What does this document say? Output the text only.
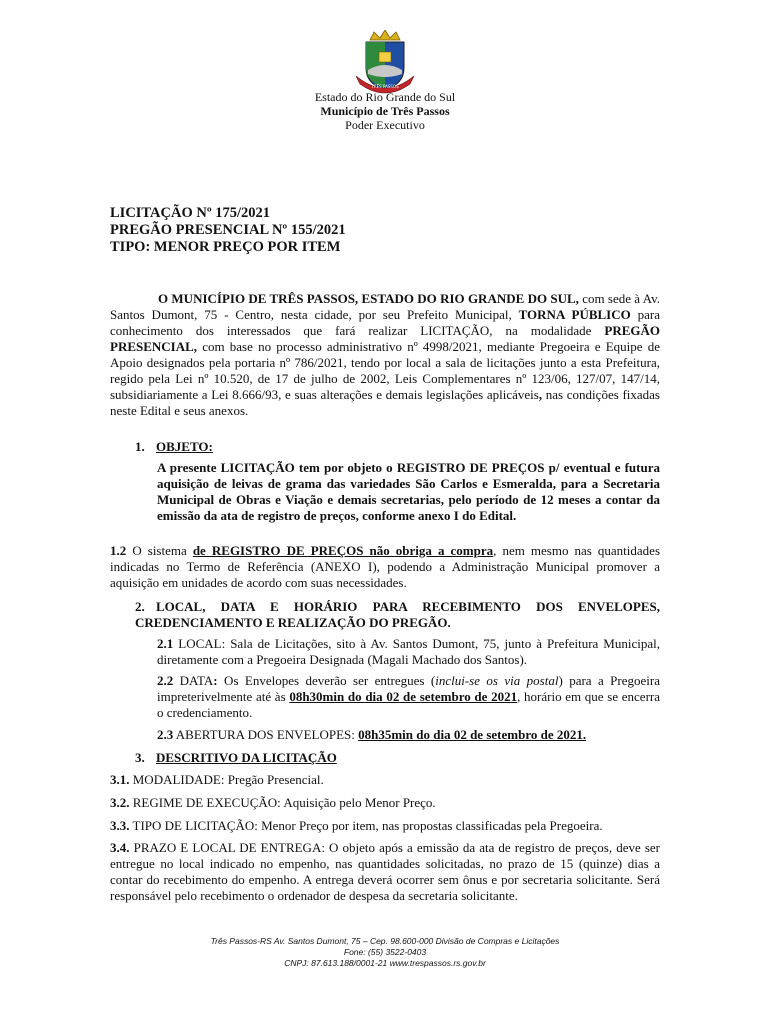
TRÊS PASSOS
Estado do Rio Grande do Sul
Município de Três Passos
Poder Executivo
LICITAÇÃO Nº 175/2021
PREGÃO PRESENCIAL Nº 155/2021
TIPO: MENOR PREÇO POR ITEM
O MUNICÍPIO DE TRÊS PASSOS, ESTADO DO RIO GRANDE DO SUL, com sede à Av. Santos Dumont, 75 - Centro, nesta cidade, por seu Prefeito Municipal, TORNA PÚBLICO para conhecimento dos interessados que fará realizar LICITAÇÃO, na modalidade PREGÃO PRESENCIAL, com base no processo administrativo nº 4998/2021, mediante Pregoeira e Equipe de Apoio designados pela portaria nº 786/2021, tendo por local a sala de licitações junto a esta Prefeitura, regido pela Lei nº 10.520, de 17 de julho de 2002, Leis Complementares nº 123/06, 127/07, 147/14, subsidiariamente a Lei 8.666/93, e suas alterações e demais legislações aplicáveis, nas condições fixadas neste Edital e seus anexos.
1. OBJETO:
A presente LICITAÇÃO tem por objeto o REGISTRO DE PREÇOS p/ eventual e futura aquisição de leivas de grama das variedades São Carlos e Esmeralda, para a Secretaria Municipal de Obras e Viação e demais secretarias, pelo período de 12 meses a contar da emissão da ata de registro de preços, conforme anexo I do Edital.
1.2 O sistema de REGISTRO DE PREÇOS não obriga a compra, nem mesmo nas quantidades indicadas no Termo de Referência (ANEXO I), podendo a Administração Municipal promover a aquisição em unidades de acordo com suas necessidades.
2. LOCAL, DATA E HORÁRIO PARA RECEBIMENTO DOS ENVELOPES, CREDENCIAMENTO E REALIZAÇÃO DO PREGÃO.
2.1 LOCAL: Sala de Licitações, sito à Av. Santos Dumont, 75, junto à Prefeitura Municipal, diretamente com a Pregoeira Designada (Magali Machado dos Santos).
2.2 DATA: Os Envelopes deverão ser entregues (inclui-se os via postal) para a Pregoeira impreterivelmente até às 08h30min do dia 02 de setembro de 2021, horário em que se encerra o credenciamento.
2.3 ABERTURA DOS ENVELOPES: 08h35min do dia 02 de setembro de 2021.
3. DESCRITIVO DA LICITAÇÃO
3.1. MODALIDADE: Pregão Presencial.
3.2. REGIME DE EXECUÇÃO: Aquisição pelo Menor Preço.
3.3. TIPO DE LICITAÇÃO: Menor Preço por item, nas propostas classificadas pela Pregoeira.
3.4. PRAZO E LOCAL DE ENTREGA: O objeto após a emissão da ata de registro de preços, deve ser entregue no local indicado no empenho, nas quantidades solicitadas, no prazo de 15 (quinze) dias a contar do recebimento do empenho. A entrega deverá ocorrer sem ônus e por secretaria solicitante. Será responsável pelo recebimento o ordenador de despesa da secretaria solicitante.
Três Passos-RS Av. Santos Dumont, 75 – Cep. 98.600-000 Divisão de Compras e Licitações
Fone: (55) 3522-0403
CNPJ: 87.613.188/0001-21 www.trespassos.rs.gov.br
